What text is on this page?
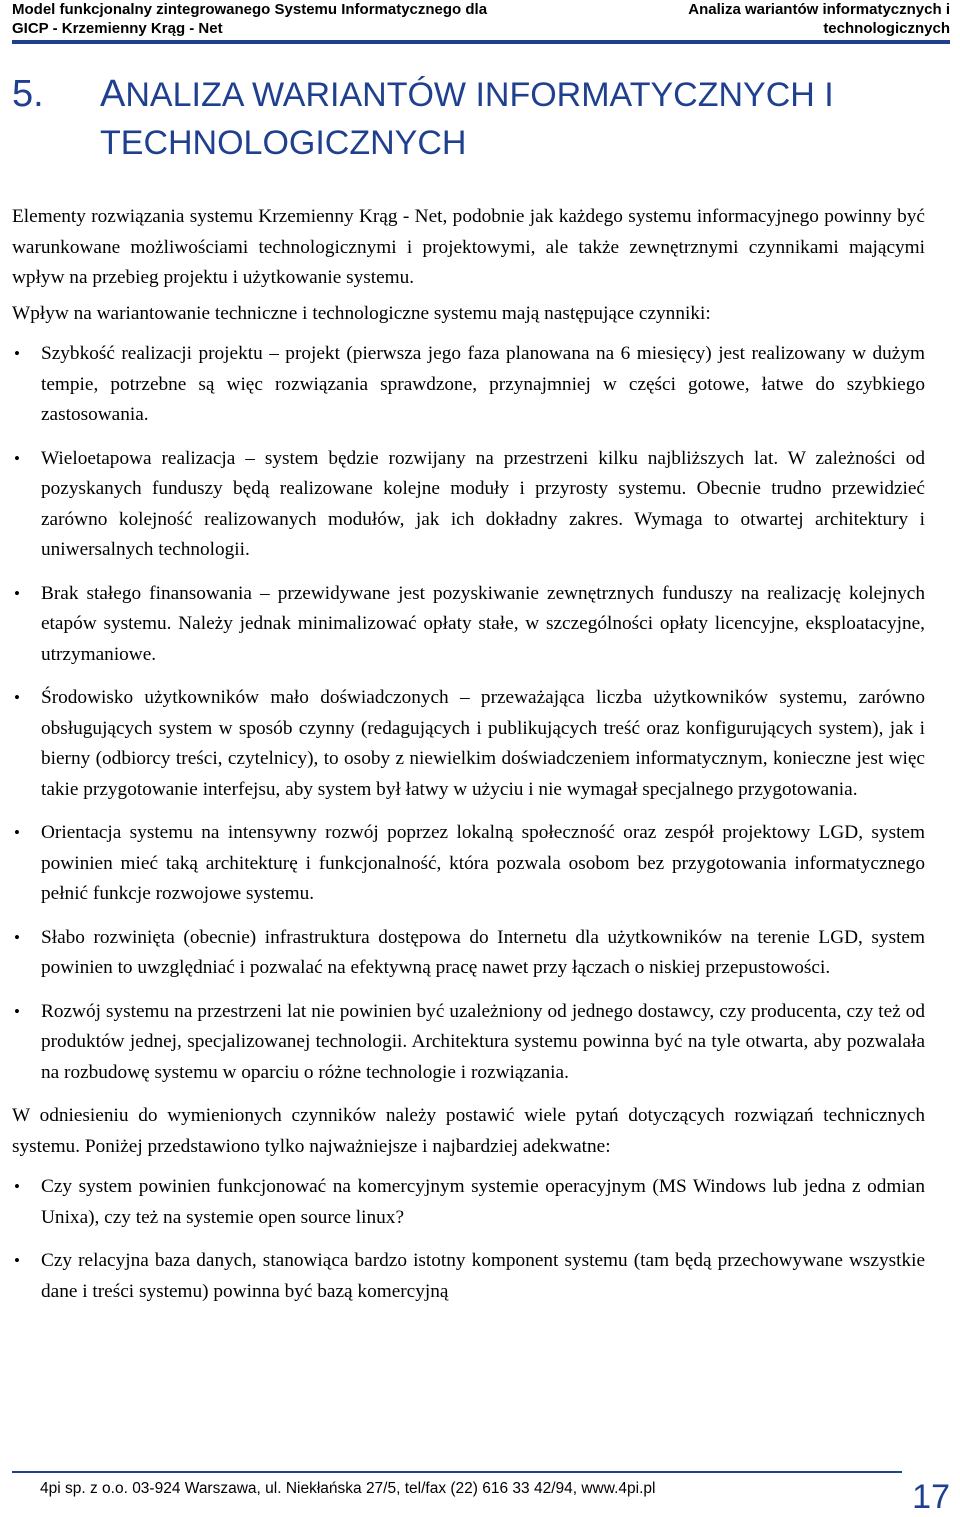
Model funkcjonalny zintegrowanego Systemu Informatycznego dla
GICP - Krzemienny Krąg - Net
Analiza wariantów informatycznych i
technologicznych
5. ANALIZA WARIANTÓW INFORMATYCZNYCH I
TECHNOLOGICZNYCH

Elementy rozwiązania systemu Krzemienny Krąg - Net, podobnie jak każdego systemu informacyjnego powinny być warunkowane możliwościami technologicznymi i projektowymi, ale także zewnętrznymi czynnikami mającymi wpływ na przebieg projektu i użytkowanie systemu.

Wpływ na wariantowanie techniczne i technologiczne systemu mają następujące czynniki:

• Szybkość realizacji projektu – projekt (pierwsza jego faza planowana na 6 miesięcy) jest realizowany w dużym tempie, potrzebne są więc rozwiązania sprawdzone, przynajmniej w części gotowe, łatwe do szybkiego zastosowania.
• Wieloetapowa realizacja – system będzie rozwijany na przestrzeni kilku najbliższych lat. W zależności od pozyskanych funduszy będą realizowane kolejne moduły i przyrosty systemu. Obecnie trudno przewidzieć zarówno kolejność realizowanych modułów, jak ich dokładny zakres. Wymaga to otwartej architektury i uniwersalnych technologii.
• Brak stałego finansowania – przewidywane jest pozyskiwanie zewnętrznych funduszy na realizację kolejnych etapów systemu. Należy jednak minimalizować opłaty stałe, w szczególności opłaty licencyjne, eksploatacyjne, utrzymaniowe.
• Środowisko użytkowników mało doświadczonych – przeważająca liczba użytkowników systemu, zarówno obsługujących system w sposób czynny (redagujących i publikujących treść oraz konfigurujących system), jak i bierny (odbiorcy treści, czytelnicy), to osoby z niewielkim doświadczeniem informatycznym, konieczne jest więc takie przygotowanie interfejsu, aby system był łatwy w użyciu i nie wymagał specjalnego przygotowania.
• Orientacja systemu na intensywny rozwój poprzez lokalną społeczność oraz zespół projektowy LGD, system powinien mieć taką architekturę i funkcjonalność, która pozwala osobom bez przygotowania informatycznego pełnić funkcje rozwojowe systemu.
• Słabo rozwinięta (obecnie) infrastruktura dostępowa do Internetu dla użytkowników na terenie LGD, system powinien to uwzględniać i pozwalać na efektywną pracę nawet przy łączach o niskiej przepustowości.
• Rozwój systemu na przestrzeni lat nie powinien być uzależniony od jednego dostawcy, czy producenta, czy też od produktów jednej, specjalizowanej technologii. Architektura systemu powinna być na tyle otwarta, aby pozwalała na rozbudowę systemu w oparciu o różne technologie i rozwiązania.

W odniesieniu do wymienionych czynników należy postawić wiele pytań dotyczących rozwiązań technicznych systemu. Poniżej przedstawiono tylko najważniejsze i najbardziej adekwatne:

• Czy system powinien funkcjonować na komercyjnym systemie operacyjnym (MS Windows lub jedna z odmian Unixa), czy też na systemie open source linux?
• Czy relacyjna baza danych, stanowiąca bardzo istotny komponent systemu (tam będą przechowywane wszystkie dane i treści systemu) powinna być bazą komercyjną
4pi sp. z o.o. 03-924 Warszawa, ul. Niekłańska 27/5, tel/fax (22) 616 33 42/94, www.4pi.pl	17
